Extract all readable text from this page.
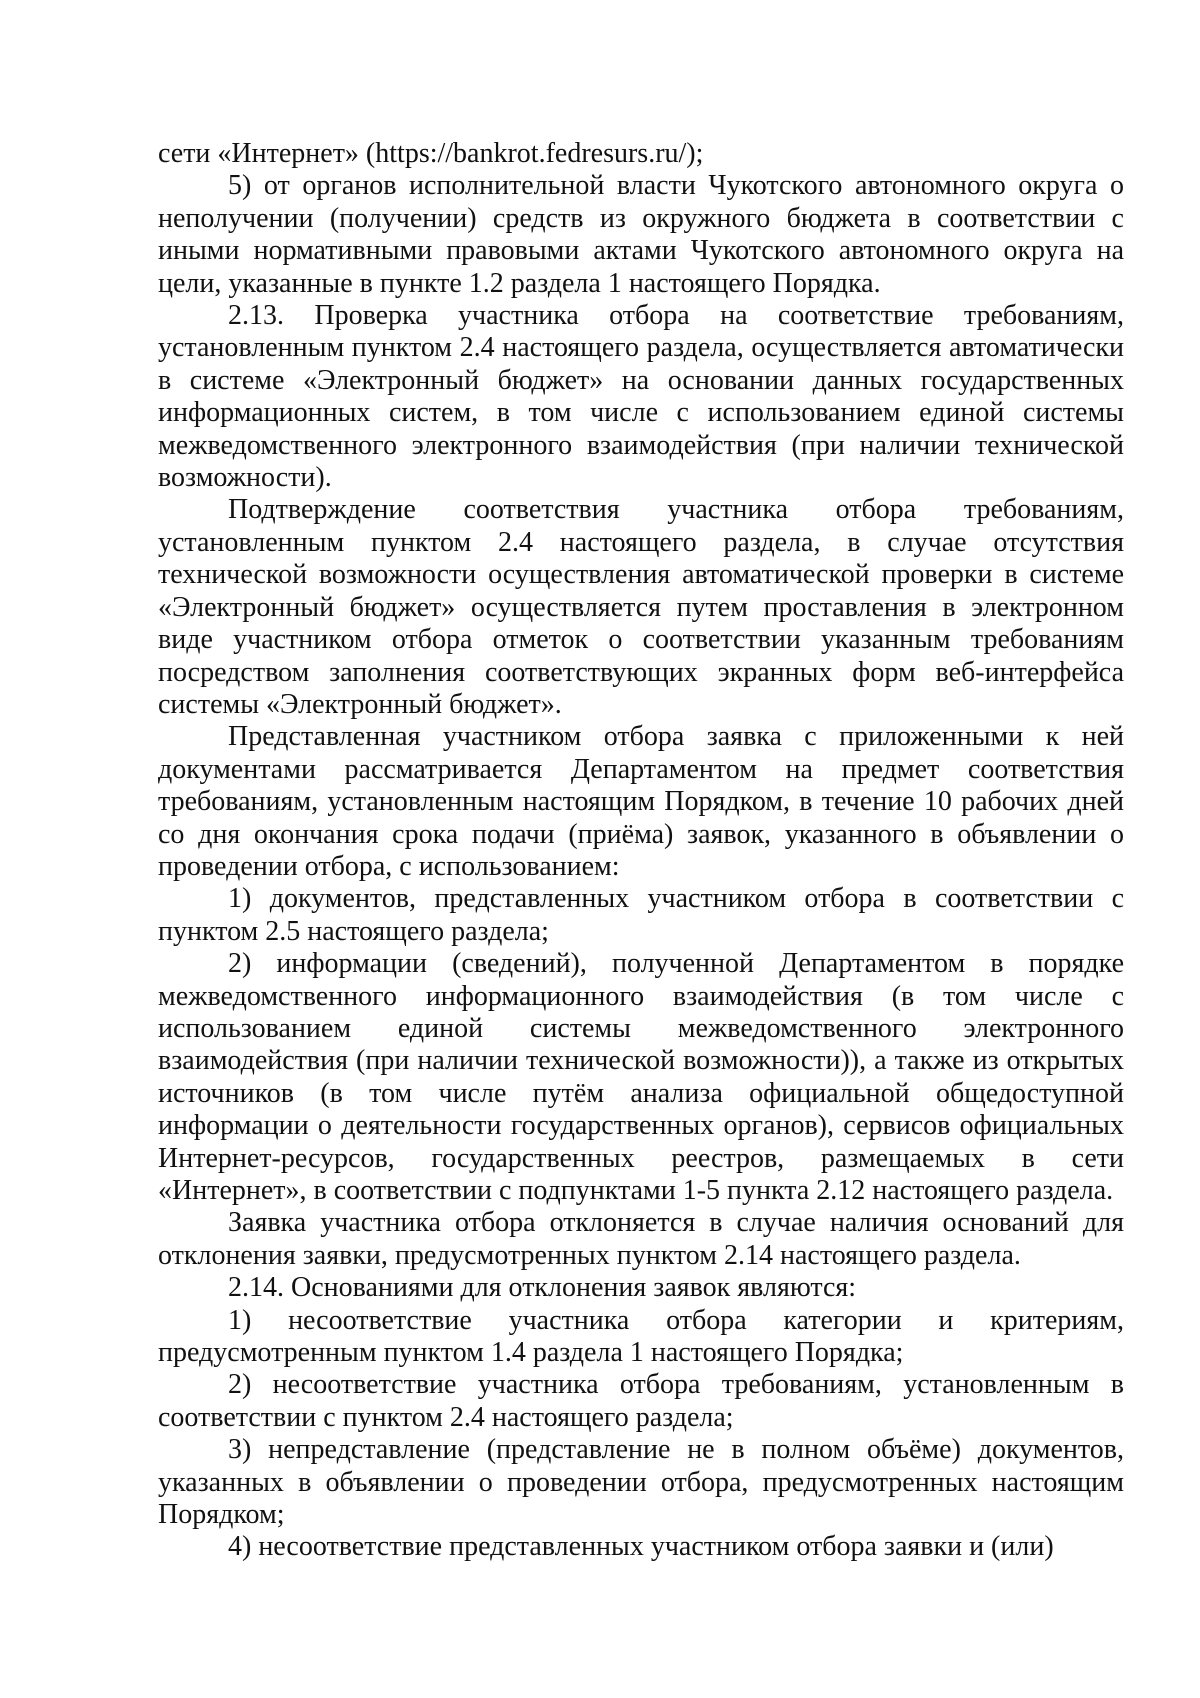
сети «Интернет» (https://bankrot.fedresurs.ru/);

5) от органов исполнительной власти Чукотского автономного округа о неполучении (получении) средств из окружного бюджета в соответствии с иными нормативными правовыми актами Чукотского автономного округа на цели, указанные в пункте 1.2 раздела 1 настоящего Порядка.

2.13. Проверка участника отбора на соответствие требованиям, установленным пунктом 2.4 настоящего раздела, осуществляется автоматически в системе «Электронный бюджет» на основании данных государственных информационных систем, в том числе с использованием единой системы межведомственного электронного взаимодействия (при наличии технической возможности).

Подтверждение соответствия участника отбора требованиям, установленным пунктом 2.4 настоящего раздела, в случае отсутствия технической возможности осуществления автоматической проверки в системе «Электронный бюджет» осуществляется путем проставления в электронном виде участником отбора отметок о соответствии указанным требованиям посредством заполнения соответствующих экранных форм веб-интерфейса системы «Электронный бюджет».

Представленная участником отбора заявка с приложенными к ней документами рассматривается Департаментом на предмет соответствия требованиям, установленным настоящим Порядком, в течение 10 рабочих дней со дня окончания срока подачи (приёма) заявок, указанного в объявлении о проведении отбора, с использованием:

1) документов, представленных участником отбора в соответствии с пунктом 2.5 настоящего раздела;

2) информации (сведений), полученной Департаментом в порядке межведомственного информационного взаимодействия (в том числе с использованием единой системы межведомственного электронного взаимодействия (при наличии технической возможности)), а также из открытых источников (в том числе путём анализа официальной общедоступной информации о деятельности государственных органов), сервисов официальных Интернет-ресурсов, государственных реестров, размещаемых в сети «Интернет», в соответствии с подпунктами 1-5 пункта 2.12 настоящего раздела.

Заявка участника отбора отклоняется в случае наличия оснований для отклонения заявки, предусмотренных пунктом 2.14 настоящего раздела.

2.14. Основаниями для отклонения заявок являются:

1) несоответствие участника отбора категории и критериям, предусмотренным пунктом 1.4 раздела 1 настоящего Порядка;

2) несоответствие участника отбора требованиям, установленным в соответствии с пунктом 2.4 настоящего раздела;

3) непредставление (представление не в полном объёме) документов, указанных в объявлении о проведении отбора, предусмотренных настоящим Порядком;

4) несоответствие представленных участником отбора заявки и (или)
